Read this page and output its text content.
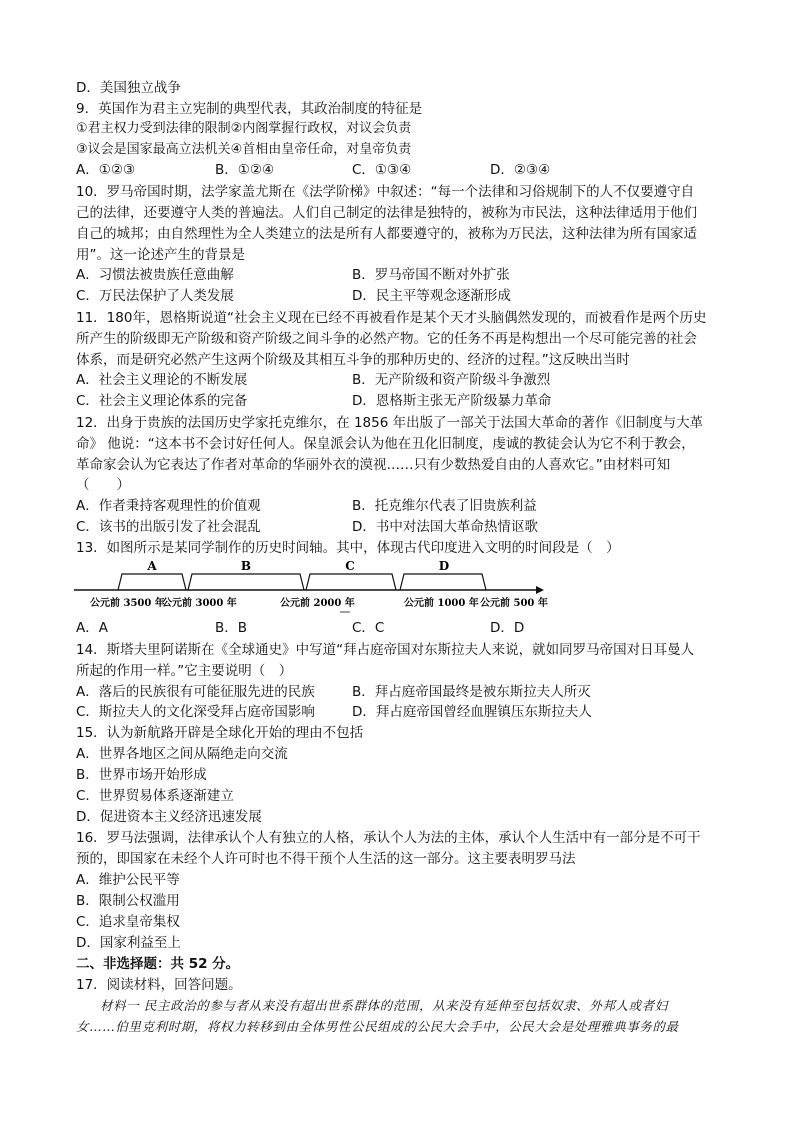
D．美国独立战争
9．英国作为君主立宪制的典型代表，其政治制度的特征是
①君主权力受到法律的限制②内阁掌握行政权，对议会负责
③议会是国家最高立法机关④首相由皇帝任命，对皇帝负责
A．①②③	B．①②④	C．①③④	D．②③④
10．罗马帝国时期，法学家盖尤斯在《法学阶梯》中叙述：“每一个法律和习俗规制下的人不仅要遵守自
己的法律，还要遵守人类的普遍法。人们自己制定的法律是独特的，被称为市民法，这种法律适用于他们
自己的城邦；由自然理性为全人类建立的法是所有人都要遵守的，被称为万民法，这种法律为所有国家适
用”。这一论述产生的背景是
A．习惯法被贵族任意曲解	B．罗马帝国不断对外扩张
C．万民法保护了人类发展	D．民主平等观念逐渐形成
11．180年，恩格斯说道“社会主义现在已经不再被看作是某个天才头脑偶然发现的，而被看作是两个历史
所产生的阶级即无产阶级和资产阶级之间斗争的必然产物。它的任务不再是构想出一个尽可能完善的社会
体系，而是研究必然产生这两个阶级及其相互斗争的那种历史的、经济的过程。”这反映出当时
A．社会主义理论的不断发展	B．无产阶级和资产阶级斗争激烈
C．社会主义理论体系的完备	D．恩格斯主张无产阶级暴力革命
12．出身于贵族的法国历史学家托克维尔，在 1856 年出版了一部关于法国大革命的著作《旧制度与大革
命》 他说：“这本书不会讨好任何人。保皇派会认为他在丑化旧制度，虔诚的教徒会认为它不利于教会，
革命家会认为它表达了作者对革命的华丽外衣的漠视……只有少数热爱自由的人喜欢它。”由材料可知
（　　）
A．作者秉持客观理性的价值观	B．托克维尔代表了旧贵族利益
C．该书的出版引发了社会混乱	D．书中对法国大革命热情讴歌
13．如图所示是某同学制作的历史时间轴。其中，体现古代印度进入文明的时间段是（　）
A	B	C	D
公元前 3500 年
公元前 3000 年	公元前 2000 年	公元前 1000 年 公元前 500 年
A．A	B．B	C．C	D．D
14．斯塔夫里阿诺斯在《全球通史》中写道“拜占庭帝国对东斯拉夫人来说，就如同罗马帝国对日耳曼人
所起的作用一样。”它主要说明（　）
A．落后的民族很有可能征服先进的民族	B．拜占庭帝国最终是被东斯拉夫人所灭
C．斯拉夫人的文化深受拜占庭帝国影响	D．拜占庭帝国曾经血腥镇压东斯拉夫人
15．认为新航路开辟是全球化开始的理由不包括
A．世界各地区之间从隔绝走向交流
B．世界市场开始形成
C．世界贸易体系逐渐建立
D．促进资本主义经济迅速发展
16．罗马法强调，法律承认个人有独立的人格，承认个人为法的主体，承认个人生活中有一部分是不可干
预的，即国家在未经个人许可时也不得干预个人生活的这一部分。这主要表明罗马法
A．维护公民平等
B．限制公权滥用
C．追求皇帝集权
D．国家利益至上
二、非选择题：共 52 分。
17．阅读材料，回答问题。
材料一 民主政治的参与者从来没有超出世系群体的范围，从来没有延伸至包括奴隶、外邦人或者妇
女……伯里克利时期，将权力转移到由全体男性公民组成的公民大会手中，公民大会是处理雅典事务的最
